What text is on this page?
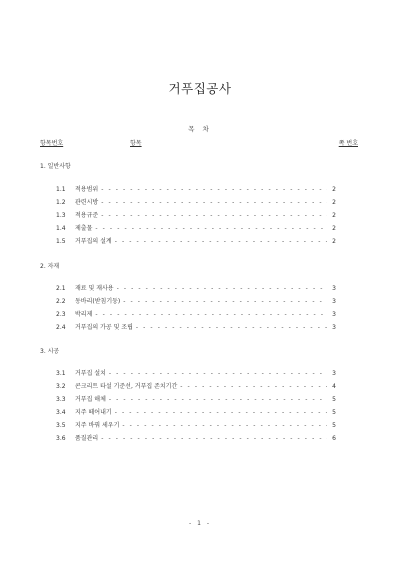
거푸집공사
목 차
항목번호	항목	쪽 번호
1. 일반사항
1.1	적용범위 - - -	2
1.2	관련시방 - - -	2
1.3	적용규준 - - -	2
1.4	제출물 - - -	2
1.5	거푸집의 설계 - - -	2
2. 자재
2.1	재료 및 재사용 - - -	3
2.2	동바리(받침기둥) - - -	3
2.3	박리제 - - -	3
2.4	거푸집의 가공 및 조립 - - -	3
3. 시공
3.1	거푸집 설치 - - -	3
3.2	콘크리트 타설 기준선, 거푸집 존치기간 - - -	4
3.3	거푸집 해체 - - -	5
3.4	지주 떼어내기 - - -	5
3.5	지주 바꿔 세우기 - - -	5
3.6	품질관리 - - -	6
- 1 -
